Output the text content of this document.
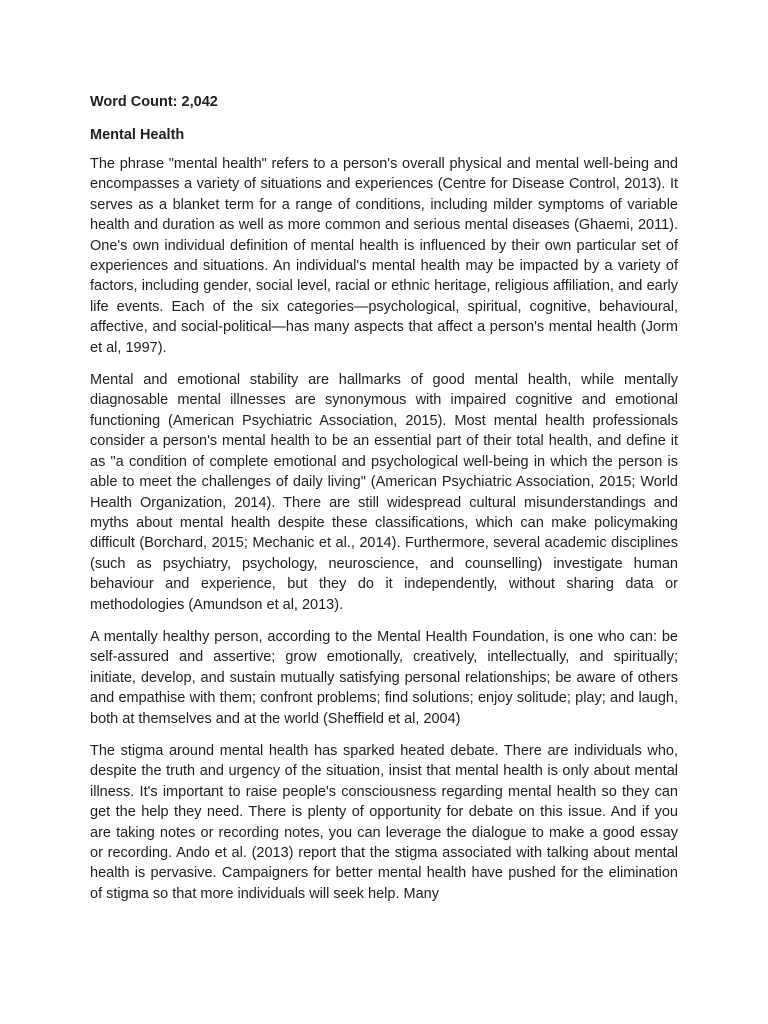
Word Count: 2,042
Mental Health

The phrase "mental health" refers to a person's overall physical and mental well-being and encompasses a variety of situations and experiences (Centre for Disease Control, 2013). It serves as a blanket term for a range of conditions, including milder symptoms of variable health and duration as well as more common and serious mental diseases (Ghaemi, 2011). One's own individual definition of mental health is influenced by their own particular set of experiences and situations. An individual's mental health may be impacted by a variety of factors, including gender, social level, racial or ethnic heritage, religious affiliation, and early life events. Each of the six categories—psychological, spiritual, cognitive, behavioural, affective, and social-political—has many aspects that affect a person's mental health (Jorm et al, 1997).

Mental and emotional stability are hallmarks of good mental health, while mentally diagnosable mental illnesses are synonymous with impaired cognitive and emotional functioning (American Psychiatric Association, 2015). Most mental health professionals consider a person's mental health to be an essential part of their total health, and define it as "a condition of complete emotional and psychological well-being in which the person is able to meet the challenges of daily living" (American Psychiatric Association, 2015; World Health Organization, 2014). There are still widespread cultural misunderstandings and myths about mental health despite these classifications, which can make policymaking difficult (Borchard, 2015; Mechanic et al., 2014). Furthermore, several academic disciplines (such as psychiatry, psychology, neuroscience, and counselling) investigate human behaviour and experience, but they do it independently, without sharing data or methodologies (Amundson et al, 2013).

A mentally healthy person, according to the Mental Health Foundation, is one who can: be self-assured and assertive; grow emotionally, creatively, intellectually, and spiritually; initiate, develop, and sustain mutually satisfying personal relationships; be aware of others and empathise with them; confront problems; find solutions; enjoy solitude; play; and laugh, both at themselves and at the world (Sheffield et al, 2004)

The stigma around mental health has sparked heated debate. There are individuals who, despite the truth and urgency of the situation, insist that mental health is only about mental illness. It's important to raise people's consciousness regarding mental health so they can get the help they need. There is plenty of opportunity for debate on this issue. And if you are taking notes or recording notes, you can leverage the dialogue to make a good essay or recording. Ando et al. (2013) report that the stigma associated with talking about mental health is pervasive. Campaigners for better mental health have pushed for the elimination of stigma so that more individuals will seek help. Many
